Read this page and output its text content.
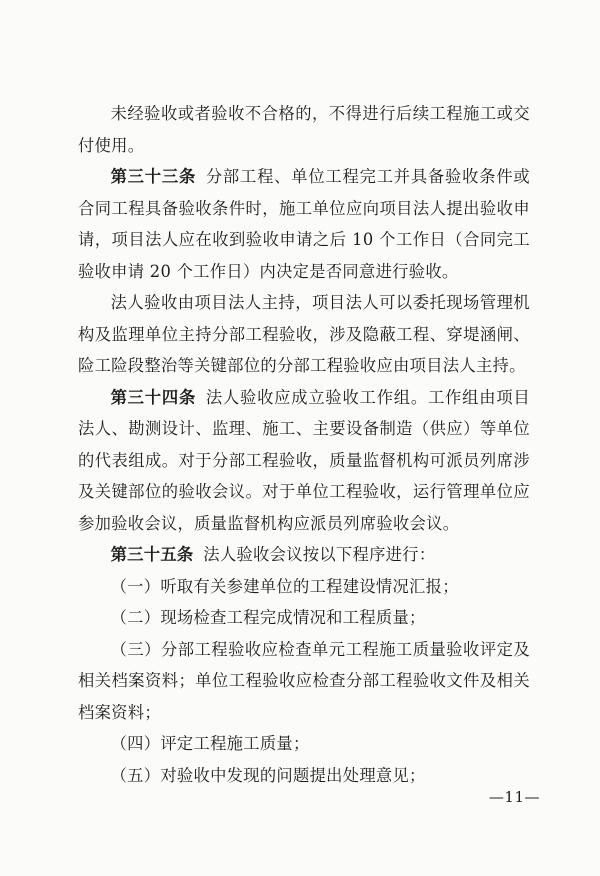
未经验收或者验收不合格的，不得进行后续工程施工或交付使用。

第三十三条 分部工程、单位工程完工并具备验收条件或合同工程具备验收条件时，施工单位应向项目法人提出验收申请，项目法人应在收到验收申请之后 10 个工作日（合同完工验收申请 20 个工作日）内决定是否同意进行验收。

法人验收由项目法人主持，项目法人可以委托现场管理机构及监理单位主持分部工程验收，涉及隐蔽工程、穿堤涵闸、险工险段整治等关键部位的分部工程验收应由项目法人主持。

第三十四条 法人验收应成立验收工作组。工作组由项目法人、勘测设计、监理、施工、主要设备制造（供应）等单位的代表组成。对于分部工程验收，质量监督机构可派员列席涉及关键部位的验收会议。对于单位工程验收，运行管理单位应参加验收会议，质量监督机构应派员列席验收会议。

第三十五条 法人验收会议按以下程序进行：

（一）听取有关参建单位的工程建设情况汇报；

（二）现场检查工程完成情况和工程质量；

（三）分部工程验收应检查单元工程施工质量验收评定及相关档案资料；单位工程验收应检查分部工程验收文件及相关档案资料；

（四）评定工程施工质量；

（五）对验收中发现的问题提出处理意见；

—11—
